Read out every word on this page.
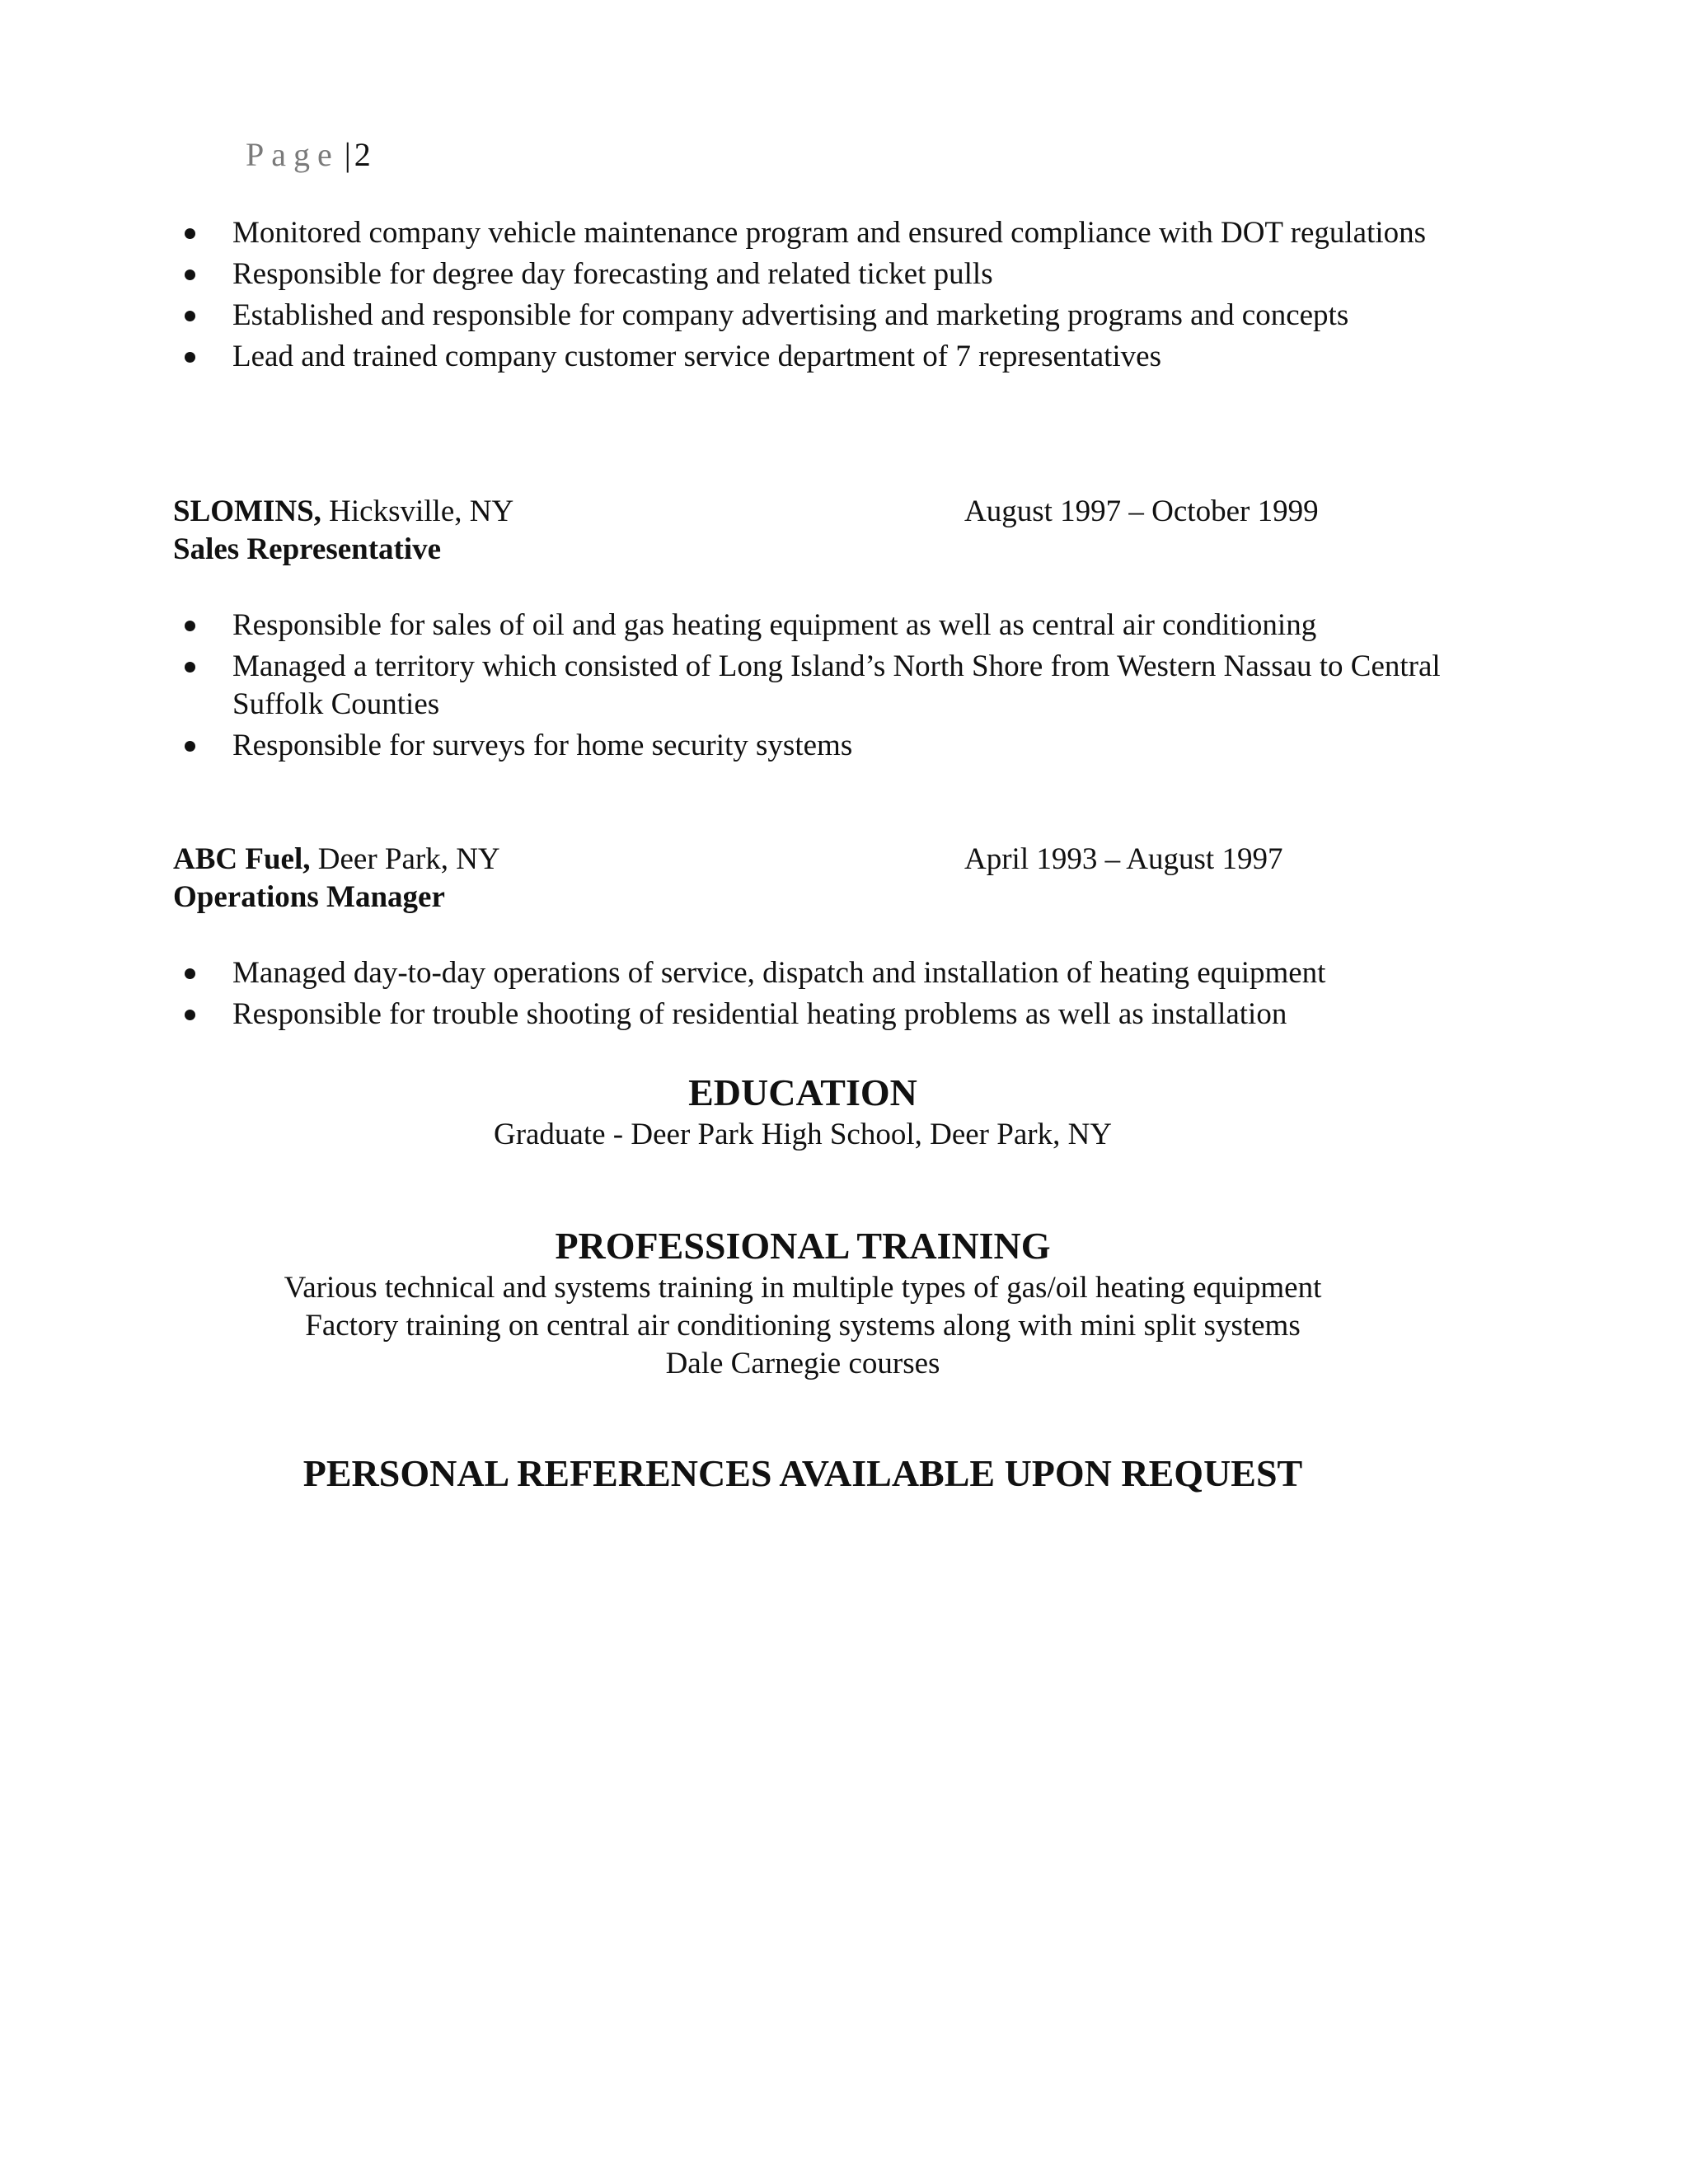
Page | 2
Monitored company vehicle maintenance program and ensured compliance with DOT regulations
Responsible for degree day forecasting and related ticket pulls
Established and responsible for company advertising and marketing programs and concepts
Lead and trained company customer service department of 7 representatives
SLOMINS, Hicksville, NY	August 1997 – October 1999
Sales Representative
Responsible for sales of oil and gas heating equipment as well as central air conditioning
Managed a territory which consisted of Long Island’s North Shore from Western Nassau to Central Suffolk Counties
Responsible for surveys for home security systems
ABC Fuel, Deer Park, NY	April 1993 – August 1997
Operations Manager
Managed day-to-day operations of service, dispatch and installation of heating equipment
Responsible for trouble shooting of residential heating problems as well as installation
EDUCATION
Graduate - Deer Park High School, Deer Park, NY
PROFESSIONAL TRAINING
Various technical and systems training in multiple types of gas/oil heating equipment
Factory training on central air conditioning systems along with mini split systems
Dale Carnegie courses
PERSONAL REFERENCES AVAILABLE UPON REQUEST
